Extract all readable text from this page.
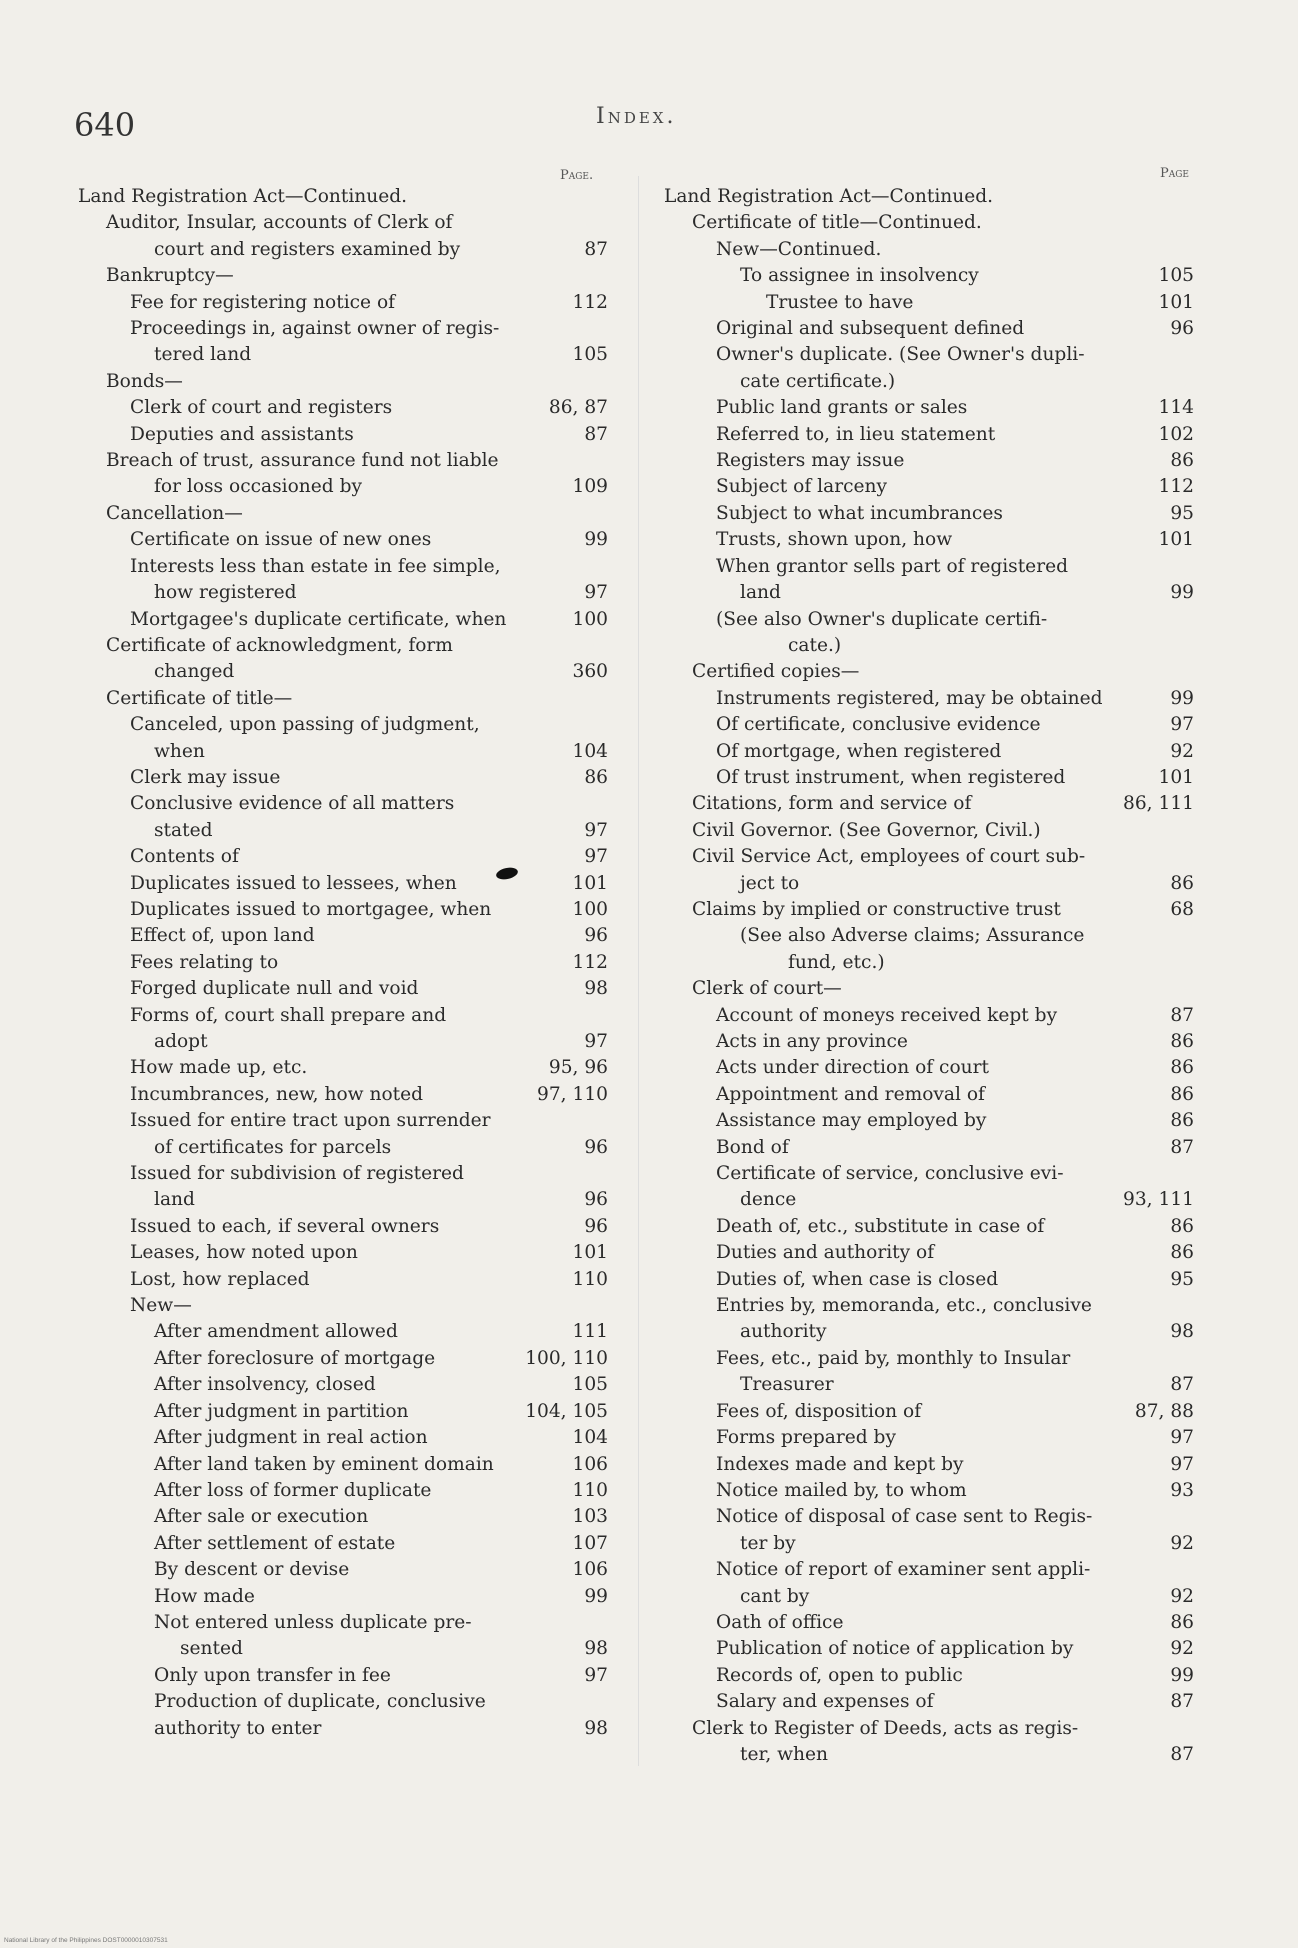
640	Index.
Page.	Page
Land Registration Act—Continued.
Auditor, Insular, accounts of Clerk of
court and registers examined by	87
Bankruptcy—
Fee for registering notice of	112
Proceedings in, against owner of regis-
tered land	105
Bonds—
Clerk of court and registers	86, 87
Deputies and assistants	87
Breach of trust, assurance fund not liable
for loss occasioned by	109
Cancellation—
Certificate on issue of new ones	99
Interests less than estate in fee simple,
how registered	97
Mortgagee's duplicate certificate, when	100
Certificate of acknowledgment, form
changed	360
Certificate of title—
Canceled, upon passing of judgment,
when	104
Clerk may issue	86
Conclusive evidence of all matters
stated	97
Contents of	97
Duplicates issued to lessees, when	101
Duplicates issued to mortgagee, when	100
Effect of, upon land	96
Fees relating to	112
Forged duplicate null and void	98
Forms of, court shall prepare and
adopt	97
How made up, etc.	95, 96
Incumbrances, new, how noted	97, 110
Issued for entire tract upon surrender
of certificates for parcels	96
Issued for subdivision of registered
land	96
Issued to each, if several owners	96
Leases, how noted upon	101
Lost, how replaced	110
New—
After amendment allowed	111
After foreclosure of mortgage	100, 110
After insolvency, closed	105
After judgment in partition	104, 105
After judgment in real action	104
After land taken by eminent domain	106
After loss of former duplicate	110
After sale or execution	103
After settlement of estate	107
By descent or devise	106
How made	99
Not entered unless duplicate pre-
sented	98
Only upon transfer in fee	97
Production of duplicate, conclusive
authority to enter	98
Land Registration Act—Continued.
Certificate of title—Continued.
New—Continued.
To assignee in insolvency	105
Trustee to have	101
Original and subsequent defined	96
Owner's duplicate. (See Owner's dupli-
cate certificate.)
Public land grants or sales	114
Referred to, in lieu statement	102
Registers may issue	86
Subject of larceny	112
Subject to what incumbrances	95
Trusts, shown upon, how	101
When grantor sells part of registered
land	99
(See also Owner's duplicate certifi-
cate.)
Certified copies—
Instruments registered, may be obtained	99
Of certificate, conclusive evidence	97
Of mortgage, when registered	92
Of trust instrument, when registered	101
Citations, form and service of	86, 111
Civil Governor. (See Governor, Civil.)
Civil Service Act, employees of court sub-
ject to	86
Claims by implied or constructive trust	68
(See also Adverse claims; Assurance
fund, etc.)
Clerk of court—
Account of moneys received kept by	87
Acts in any province	86
Acts under direction of court	86
Appointment and removal of	86
Assistance may employed by	86
Bond of	87
Certificate of service, conclusive evi-
dence	93, 111
Death of, etc., substitute in case of	86
Duties and authority of	86
Duties of, when case is closed	95
Entries by, memoranda, etc., conclusive
authority	98
Fees, etc., paid by, monthly to Insular
Treasurer	87
Fees of, disposition of	87, 88
Forms prepared by	97
Indexes made and kept by	97
Notice mailed by, to whom	93
Notice of disposal of case sent to Regis-
ter by	92
Notice of report of examiner sent appli-
cant by	92
Oath of office	86
Publication of notice of application by	92
Records of, open to public	99
Salary and expenses of	87
Clerk to Register of Deeds, acts as regis-
ter, when	87
National Library of the Philippines DOST0000010307531
